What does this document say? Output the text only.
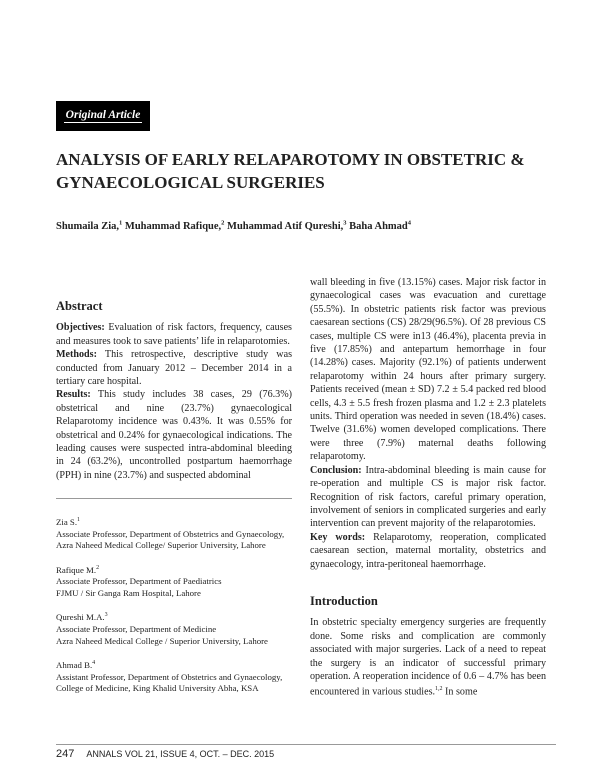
Original Article
ANALYSIS OF EARLY RELAPAROTOMY IN OBSTETRIC & GYNAECOLOGICAL SURGERIES
Shumaila Zia,$^1$ Muhammad Rafique,$^2$ Muhammad Atif Qureshi,$^3$ Baha Ahmad$^4$
Abstract

Objectives: Evaluation of risk factors, frequency, causes and measures took to save patients’ life in relaparotomies.

Methods: This retrospective, descriptive study was conducted from January 2012 – December 2014 in a tertiary care hospital.

Results: This study includes 38 cases, 29 (76.3%) obstetrical and nine (23.7%) gynaecological Relaparotomy incidence was 0.43%. It was 0.55% for obstetrical and 0.24% for gynaecological indications. The leading causes were suspected intra-abdominal bleeding in 24 (63.2%), uncontrolled postpartum haemorrhage (PPH) in nine (23.7%) and suspected abdominal

Zia S.$^1$
Associate Professor, Department of Obstetrics and Gynaecology, Azra Naheed Medical College/ Superior University, Lahore
Rafique M.$^2$
Associate Professor, Department of Paediatrics
FJMU / Sir Ganga Ram Hospital, Lahore
Qureshi M.A.$^3$
Associate Professor, Department of Medicine
Azra Naheed Medical College / Superior University, Lahore
Ahmad B.$^4$
Assistant Professor, Department of Obstetrics and Gynaecology, College of Medicine, King Khalid University Abha, KSA

wall bleeding in five (13.15%) cases. Major risk factor in gynaecological cases was evacuation and curettage (55.5%). In obstetric patients risk factor was previous caesarean sections (CS) 28/29(96.5%). Of 28 previous CS cases, multiple CS were in13 (46.4%), placenta previa in five (17.85%) and antepartum hemorrhage in four (14.28%) cases. Majority (92.1%) of patients underwent relaparotomy within 24 hours after primary surgery. Patients received (mean ± SD) 7.2 ± 5.4 packed red blood cells, 4.3 ± 5.5 fresh frozen plasma and 1.2 ± 2.3 platelets units. Third operation was needed in seven (18.4%) cases. Twelve (31.6%) women developed complications. There were three (7.9%) maternal deaths following relaparotomy.

Conclusion: Intra-abdominal bleeding is main cause for re-operation and multiple CS is major risk factor. Recognition of risk factors, careful primary operation, involvement of seniors in complicated surgeries and early intervention can prevent majority of the relaparotomies.

Key words: Relaparotomy, reoperation, complicated caesarean section, maternal mortality, obstetrics and gynaecology, intra-peritoneal haemorrhage.

Introduction

In obstetric specialty emergency surgeries are frequently done. Some risks and complication are commonly associated with major surgeries. Lack of a need to repeat the surgery is an indicator of successful primary operation. A reoperation incidence of 0.6 – 4.7% has been encountered in various studies.$^{1,2}$ In some

247 ANNALS VOL 21, ISSUE 4, OCT. – DEC. 2015
